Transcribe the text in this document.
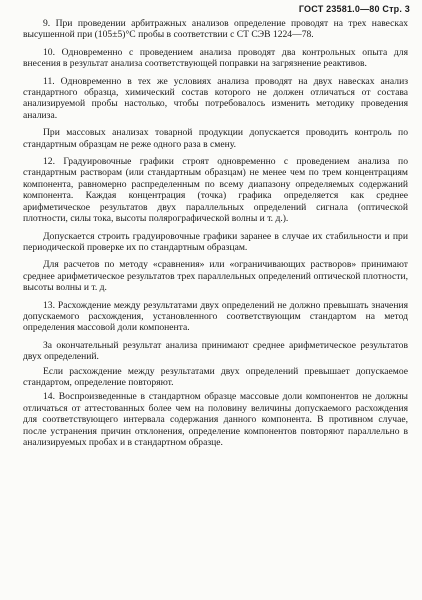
ГОСТ 23581.0—80 Стр. 3

9. При проведении арбитражных анализов определение проводят на трех навесках высушенной при (105±5)°С пробы в соответствии с СТ СЭВ 1224—78.

10. Одновременно с проведением анализа проводят два контрольных опыта для внесения в результат анализа соответствующей поправки на загрязнение реактивов.

11. Одновременно в тех же условиях анализа проводят на двух навесках анализ стандартного образца, химический состав которого не должен отличаться от состава анализируемой пробы настолько, чтобы потребовалось изменить методику проведения анализа.

При массовых анализах товарной продукции допускается проводить контроль по стандартным образцам не реже одного раза в смену.

12. Градуировочные графики строят одновременно с проведением анализа по стандартным растворам (или стандартным образцам) не менее чем по трем концентрациям компонента, равномерно распределенным по всему диапазону определяемых содержаний компонента. Каждая концентрация (точка) графика определяется как среднее арифметическое результатов двух параллельных определений сигнала (оптической плотности, силы тока, высоты полярографической волны и т. д.).

Допускается строить градуировочные графики заранее в случае их стабильности и при периодической проверке их по стандартным образцам.

Для расчетов по методу «сравнения» или «ограничивающих растворов» принимают среднее арифметическое результатов трех параллельных определений оптической плотности, высоты волны и т. д.

13. Расхождение между результатами двух определений не должно превышать значения допускаемого расхождения, установленного соответствующим стандартом на метод определения массовой доли компонента.

За окончательный результат анализа принимают среднее арифметическое результатов двух определений.

Если расхождение между результатами двух определений превышает допускаемое стандартом, определение повторяют.

14. Воспроизведенные в стандартном образце массовые доли компонентов не должны отличаться от аттестованных более чем на половину величины допускаемого расхождения для соответствующего интервала содержания данного компонента. В противном случае, после устранения причин отклонения, определение компонентов повторяют параллельно в анализируемых пробах и в стандартном образце.
